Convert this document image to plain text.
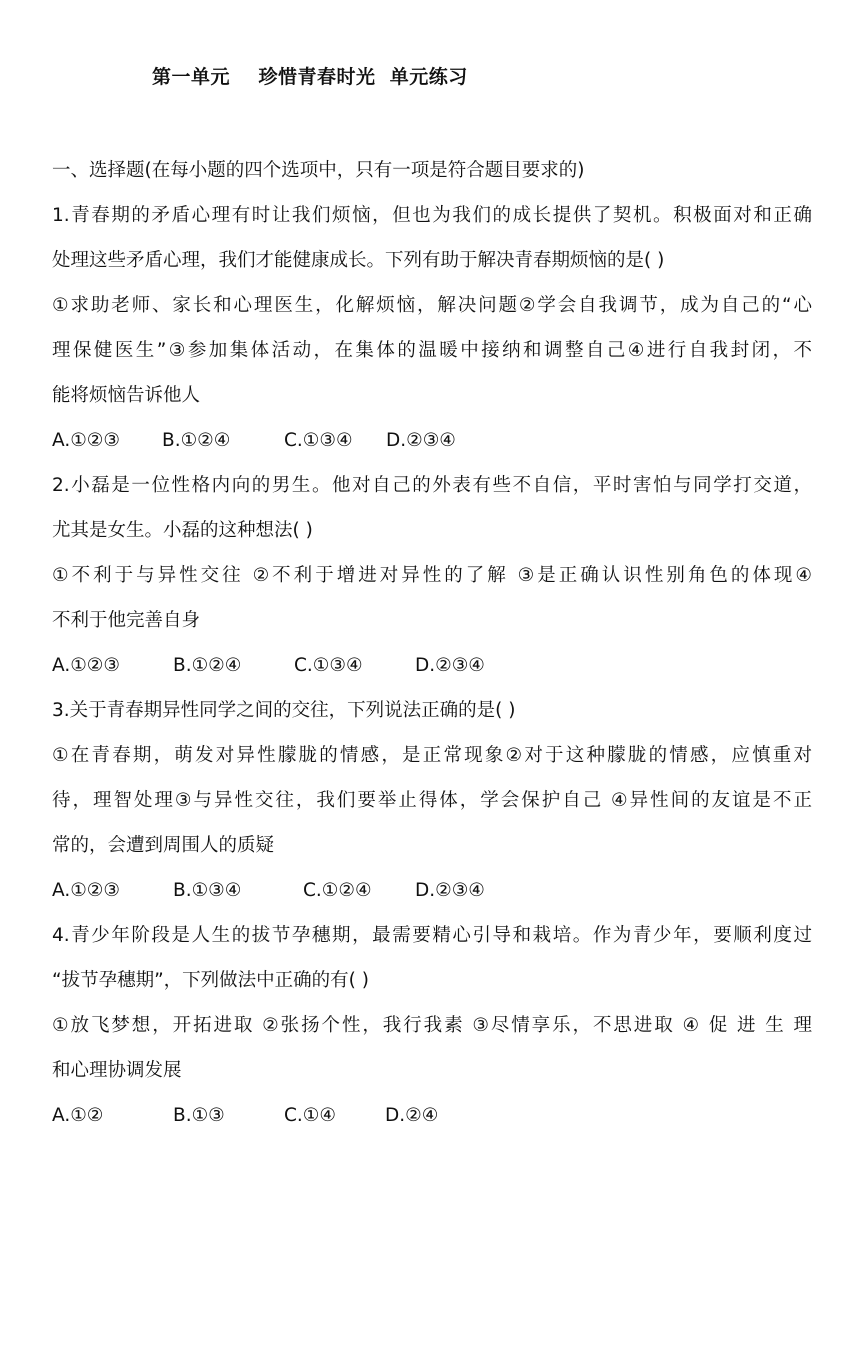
第一单元    珍惜青春时光  单元练习
一、选择题(在每小题的四个选项中，只有一项是符合题目要求的)
1.青春期的矛盾心理有时让我们烦恼，但也为我们的成长提供了契机。积极面对和正确
处理这些矛盾心理，我们才能健康成长。下列有助于解决青春期烦恼的是( )
①求助老师、家长和心理医生，化解烦恼，解决问题②学会自我调节，成为自己的“心
理保健医生”③参加集体活动，在集体的温暖中接纳和调整自己④进行自我封闭，不
能将烦恼告诉他人

A.①②③

B.①②④

	C.①③④

D.②③④

2.小磊是一位性格内向的男生。他对自己的外表有些不自信，平时害怕与同学打交道，
尤其是女生。小磊的这种想法( )
①不利于与异性交往 ②不利于增进对异性的了解 ③是正确认识性别角色的体现④
不利于他完善自身

A.①②③

	B.①②④

	C.①③④

	D.②③④

3.关于青春期异性同学之间的交往，下列说法正确的是( )
①在青春期，萌发对异性朦胧的情感，是正常现象②对于这种朦胧的情感，应慎重对
待，理智处理③与异性交往，我们要举止得体，学会保护自己 ④异性间的友谊是不正
常的，会遭到周围人的质疑

A.①②③

	B.①③④

	C.①②④

D.②③④

4.青少年阶段是人生的拔节孕穗期，最需要精心引导和栽培。作为青少年，要顺利度过
“拔节孕穗期”，下列做法中正确的有( )
①放飞梦想，开拓进取 ②张扬个性，我行我素 ③尽情享乐，不思进取 ④ 促 进 生 理
和心理协调发展

A.①②

	B.①③

	C.①④

	D.②④
